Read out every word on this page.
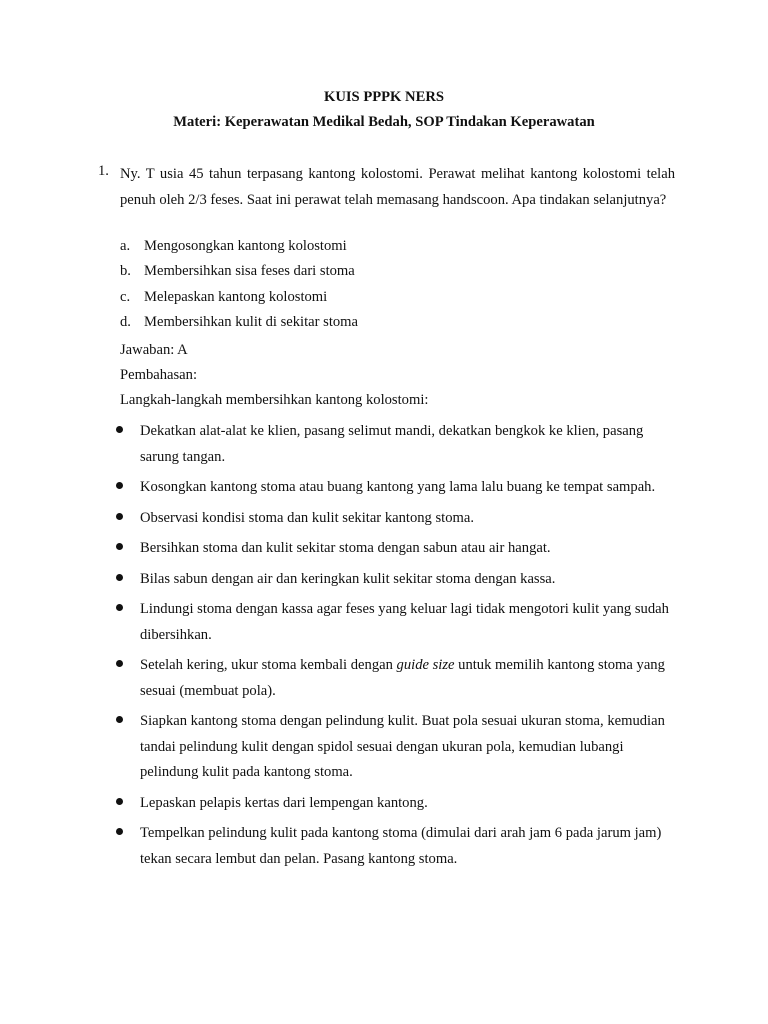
KUIS PPPK NERS
Materi: Keperawatan Medikal Bedah, SOP Tindakan Keperawatan
1. Ny. T usia 45 tahun terpasang kantong kolostomi. Perawat melihat kantong kolostomi telah penuh oleh 2/3 feses. Saat ini perawat telah memasang handscoon. Apa tindakan selanjutnya?
a. Mengosongkan kantong kolostomi
b. Membersihkan sisa feses dari stoma
c. Melepaskan kantong kolostomi
d. Membersihkan kulit di sekitar stoma
Jawaban: A
Pembahasan:
Langkah-langkah membersihkan kantong kolostomi:
Dekatkan alat-alat ke klien, pasang selimut mandi, dekatkan bengkok ke klien, pasang sarung tangan.
Kosongkan kantong stoma atau buang kantong yang lama lalu buang ke tempat sampah.
Observasi kondisi stoma dan kulit sekitar kantong stoma.
Bersihkan stoma dan kulit sekitar stoma dengan sabun atau air hangat.
Bilas sabun dengan air dan keringkan kulit sekitar stoma dengan kassa.
Lindungi stoma dengan kassa agar feses yang keluar lagi tidak mengotori kulit yang sudah dibersihkan.
Setelah kering, ukur stoma kembali dengan guide size untuk memilih kantong stoma yang sesuai (membuat pola).
Siapkan kantong stoma dengan pelindung kulit. Buat pola sesuai ukuran stoma, kemudian tandai pelindung kulit dengan spidol sesuai dengan ukuran pola, kemudian lubangi pelindung kulit pada kantong stoma.
Lepaskan pelapis kertas dari lempengan kantong.
Tempelkan pelindung kulit pada kantong stoma (dimulai dari arah jam 6 pada jarum jam) tekan secara lembut dan pelan. Pasang kantong stoma.
